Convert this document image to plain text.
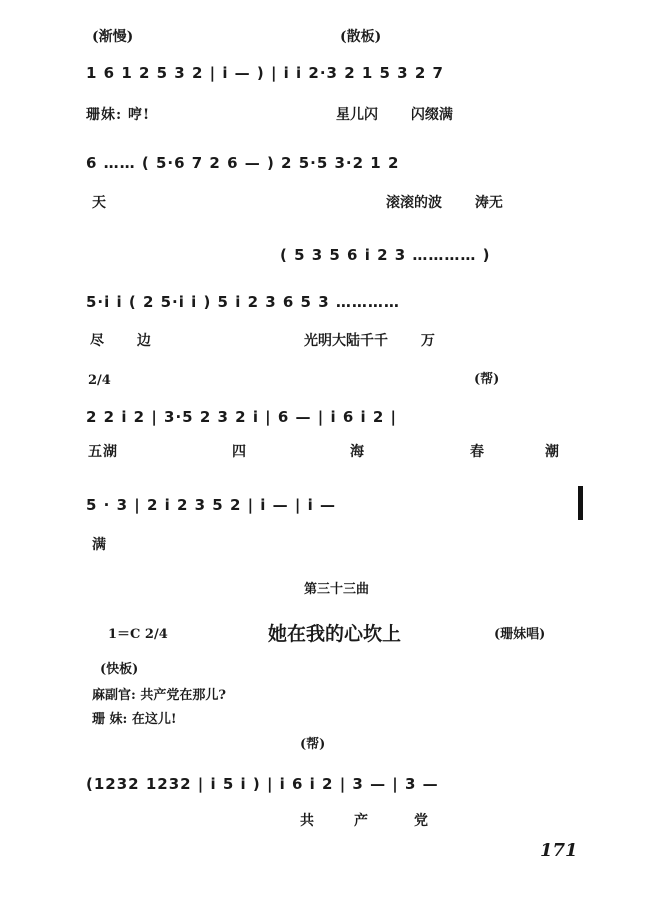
(渐慢)	(散板)
1 6 1 2 5 3 2 | i — ) | i i 2·3 2 1 5 3 2 7
珊妹: 哼!	星儿闪 闪缀满
6 …… ( 5·6 7 2 6 — ) 2 5·5 3·2 1 2
天	滚滚的波 涛无
( 5 3 5 6 i 2 3 ………… )
5·i i ( 2 5·i i ) 5 i 2 3 6 5 3 …………
尽 边	光明大陆千千 万
2/4	(帮)
2 2 i 2 | 3·5 2 3 2 i | 6 — | i 6 i 2 |
五湖	四	海	春	潮
5 · 3 | 2 i 2 3 5 2 | i — | i —
满
第三十三曲
1＝C 2/4	她在我的心坎上	(珊妹唱)
(快板)
麻副官: 共产党在那儿?
珊 妹: 在这儿!
(帮)
(1232 1232 | i 5 i ) | i 6 i 2 | 3 — | 3 —
共	产	党
171
